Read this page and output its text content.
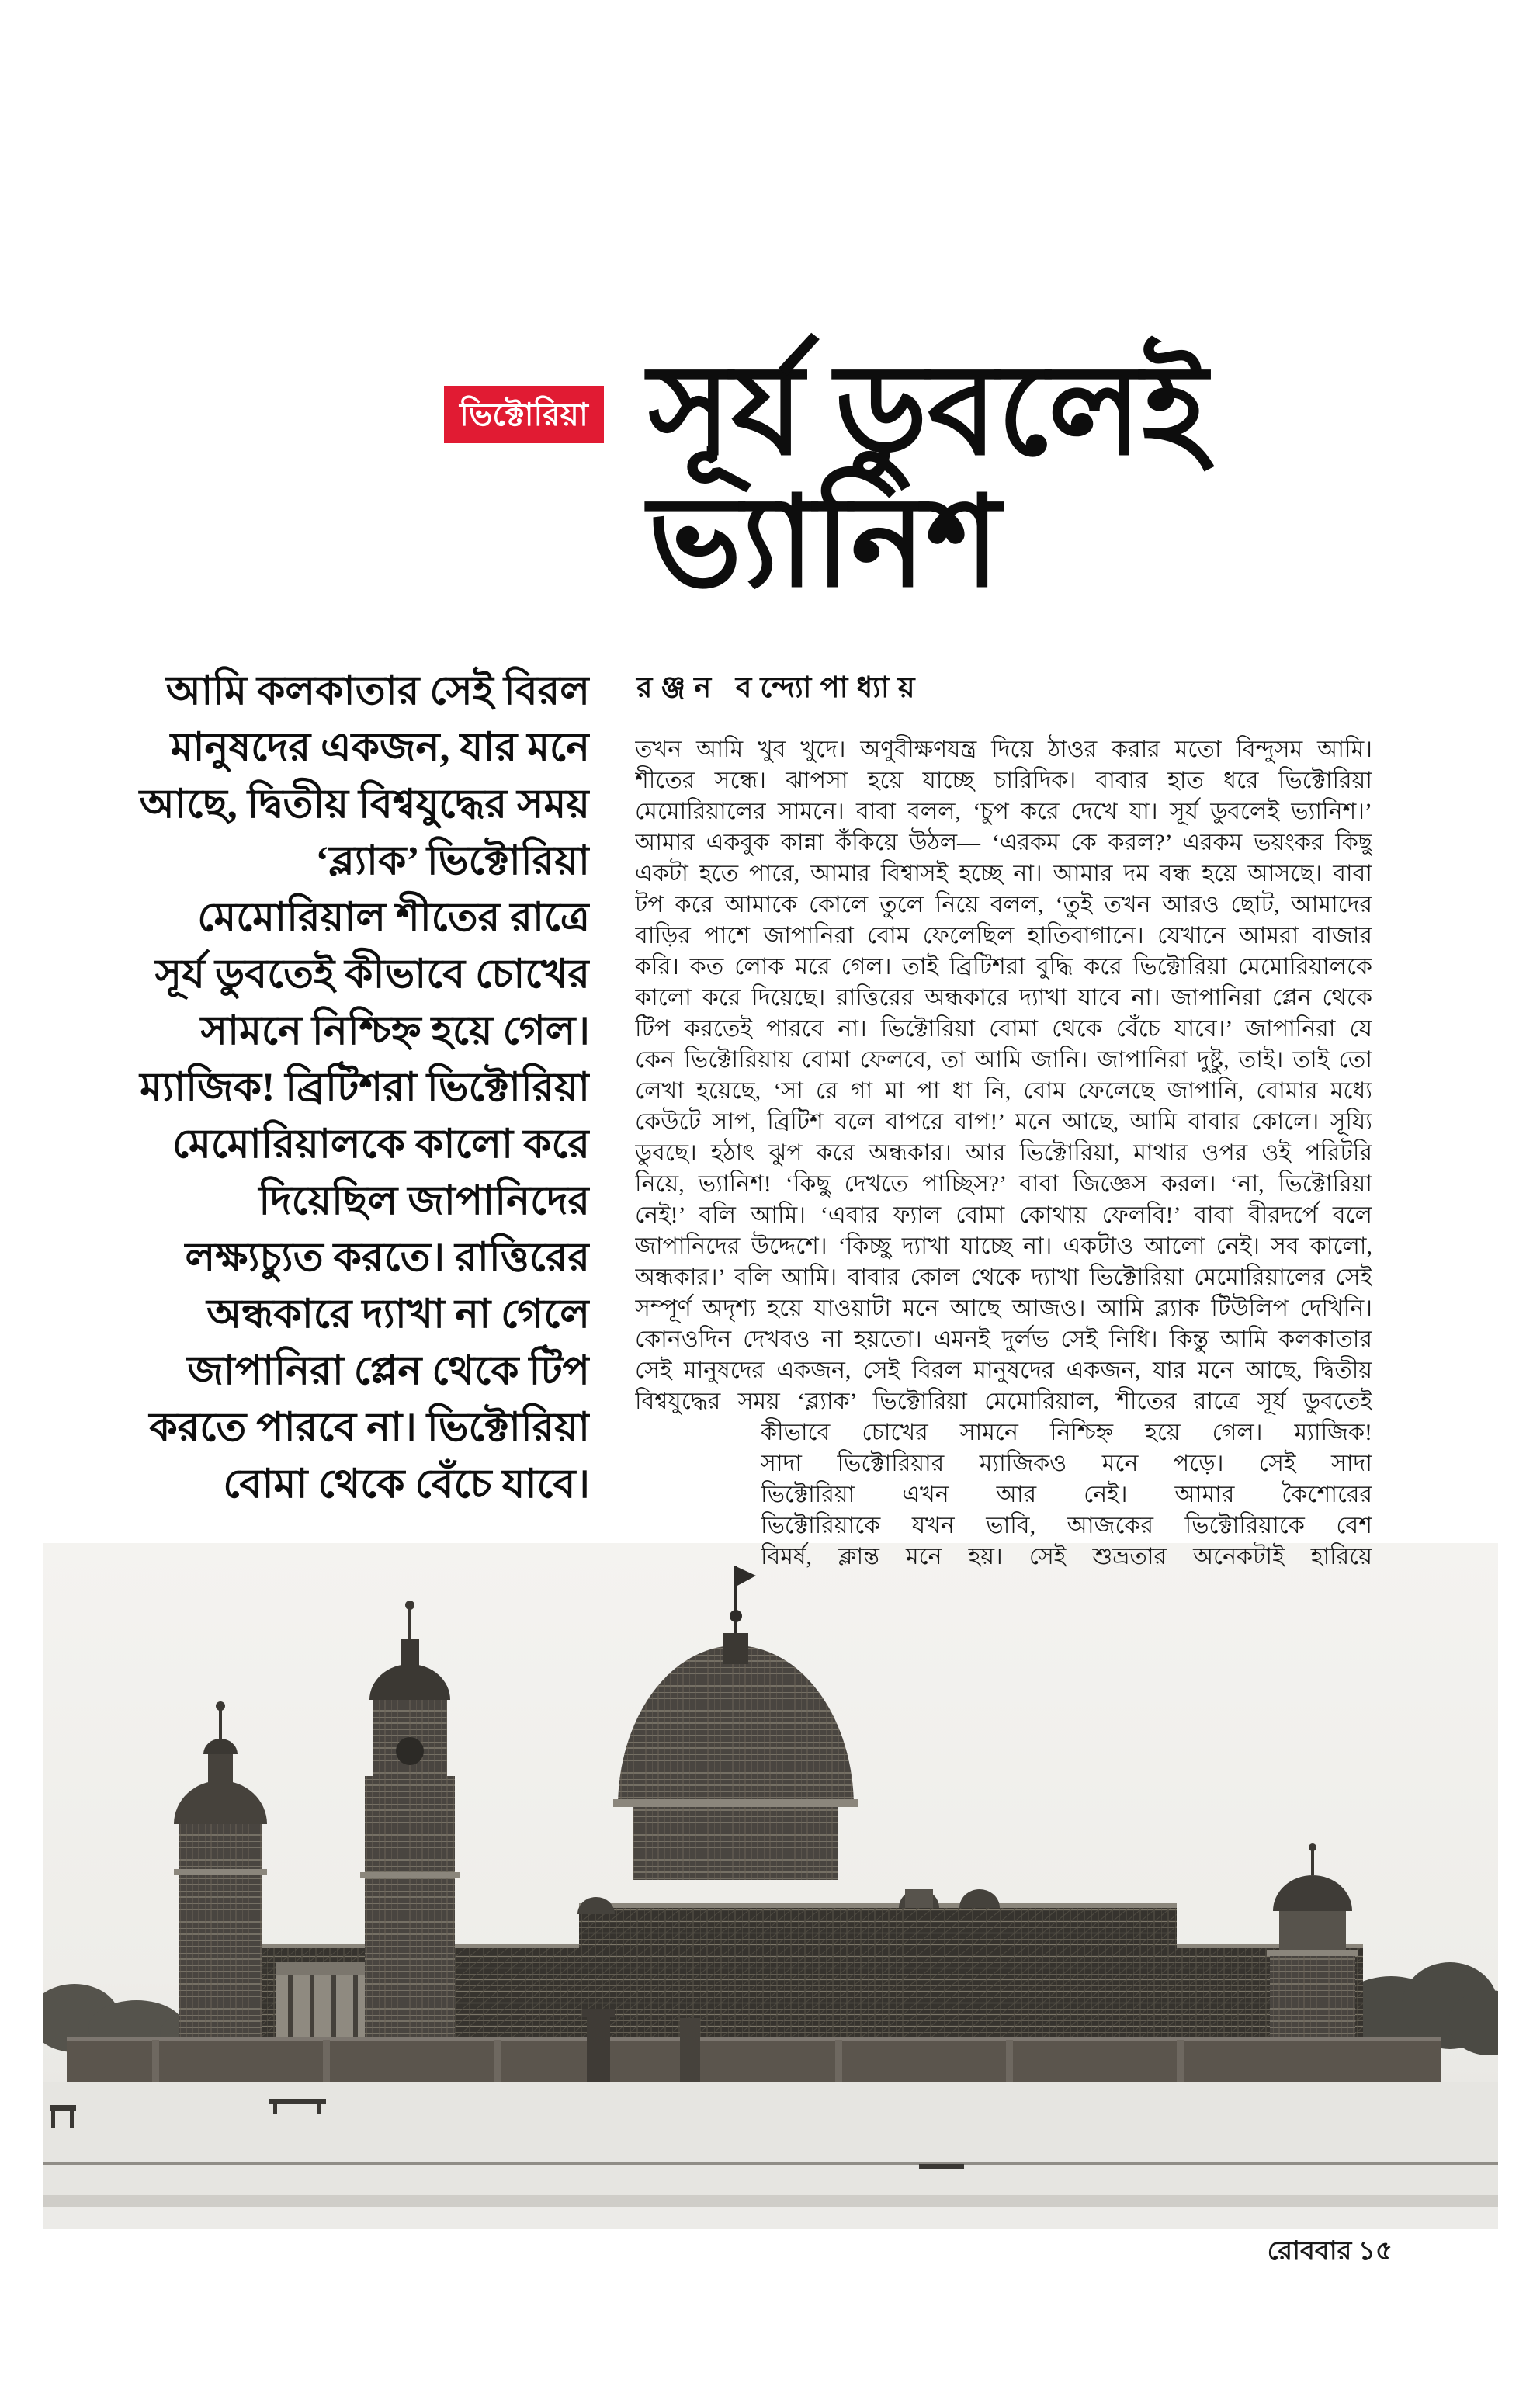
ভিক্টোরিয়া সূর্য ডুবলেই
ভ্যানিশ
রঞ্জন বন্দ্যোপাধ্যায়
আমি কলকাতার সেই বিরল
মানুষদের একজন, যার মনে
আছে, দ্বিতীয় বিশ্বযুদ্ধের সময়
‘ব্ল্যাক’ ভিক্টোরিয়া
মেমোরিয়াল শীতের রাত্রে
সূর্য ডুবতেই কীভাবে চোখের
সামনে নিশ্চিহ্ন হয়ে গেল।
ম্যাজিক! ব্রিটিশরা ভিক্টোরিয়া
মেমোরিয়ালকে কালো করে
দিয়েছিল জাপানিদের
লক্ষ্যচ্যুত করতে। রাত্তিরের
অন্ধকারে দ্যাখা না গেলে
জাপানিরা প্লেন থেকে টিপ
করতে পারবে না। ভিক্টোরিয়া
বোমা থেকে বেঁচে যাবে।
তখন আমি খুব খুদে। অণুবীক্ষণযন্ত্র দিয়ে ঠাওর করার মতো বিন্দুসম আমি।
শীতের সন্ধে। ঝাপসা হয়ে যাচ্ছে চারিদিক। বাবার হাত ধরে ভিক্টোরিয়া
মেমোরিয়ালের সামনে। বাবা বলল, ‘চুপ করে দেখে যা। সূর্য ডুবলেই ভ্যানিশ।’
আমার একবুক কান্না কঁকিয়ে উঠল— ‘এরকম কে করল?’ এরকম ভয়ংকর কিছু
একটা হতে পারে, আমার বিশ্বাসই হচ্ছে না। আমার দম বন্ধ হয়ে আসছে। বাবা
টপ করে আমাকে কোলে তুলে নিয়ে বলল, ‘তুই তখন আরও ছোট, আমাদের
বাড়ির পাশে জাপানিরা বোম ফেলেছিল হাতিবাগানে। যেখানে আমরা বাজার
করি। কত লোক মরে গেল। তাই ব্রিটিশরা বুদ্ধি করে ভিক্টোরিয়া মেমোরিয়ালকে
কালো করে দিয়েছে। রাত্তিরের অন্ধকারে দ্যাখা যাবে না। জাপানিরা প্লেন থেকে
টিপ করতেই পারবে না। ভিক্টোরিয়া বোমা থেকে বেঁচে যাবে।’ জাপানিরা যে
কেন ভিক্টোরিয়ায় বোমা ফেলবে, তা আমি জানি। জাপানিরা দুষ্টু, তাই। তাই তো
লেখা হয়েছে, ‘সা রে গা মা পা ধা নি, বোম ফেলেছে জাপানি, বোমার মধ্যে
কেউটে সাপ, ব্রিটিশ বলে বাপরে বাপ!’ মনে আছে, আমি বাবার কোলে। সূয্যি
ডুবছে। হঠাৎ ঝুপ করে অন্ধকার। আর ভিক্টোরিয়া, মাথার ওপর ওই পরিটরি
নিয়ে, ভ্যানিশ! ‘কিছু দেখতে পাচ্ছিস?’ বাবা জিজ্ঞেস করল। ‘না, ভিক্টোরিয়া
নেই!’ বলি আমি। ‘এবার ফ্যাল বোমা কোথায় ফেলবি!’ বাবা বীরদর্পে বলে
জাপানিদের উদ্দেশে। ‘কিচ্ছু দ্যাখা যাচ্ছে না। একটাও আলো নেই। সব কালো,
অন্ধকার।’ বলি আমি। বাবার কোল থেকে দ্যাখা ভিক্টোরিয়া মেমোরিয়ালের সেই
সম্পূর্ণ অদৃশ্য হয়ে যাওয়াটা মনে আছে আজও। আমি ব্ল্যাক টিউলিপ দেখিনি।
কোনওদিন দেখবও না হয়তো। এমনই দুর্লভ সেই নিধি। কিন্তু আমি কলকাতার
সেই মানুষদের একজন, সেই বিরল মানুষদের একজন, যার মনে আছে, দ্বিতীয়
বিশ্বযুদ্ধের সময় ‘ব্ল্যাক’ ভিক্টোরিয়া মেমোরিয়াল, শীতের রাত্রে সূর্য ডুবতেই
কীভাবে চোখের সামনে নিশ্চিহ্ন হয়ে গেল। ম্যাজিক!
সাদা ভিক্টোরিয়ার ম্যাজিকও মনে পড়ে। সেই সাদা
ভিক্টোরিয়া এখন আর নেই। আমার কৈশোরের
ভিক্টোরিয়াকে যখন ভাবি, আজকের ভিক্টোরিয়াকে বেশ
বিমর্ষ, ক্লান্ত মনে হয়। সেই শুভ্রতার অনেকটাই হারিয়ে
রোববার ১৫
